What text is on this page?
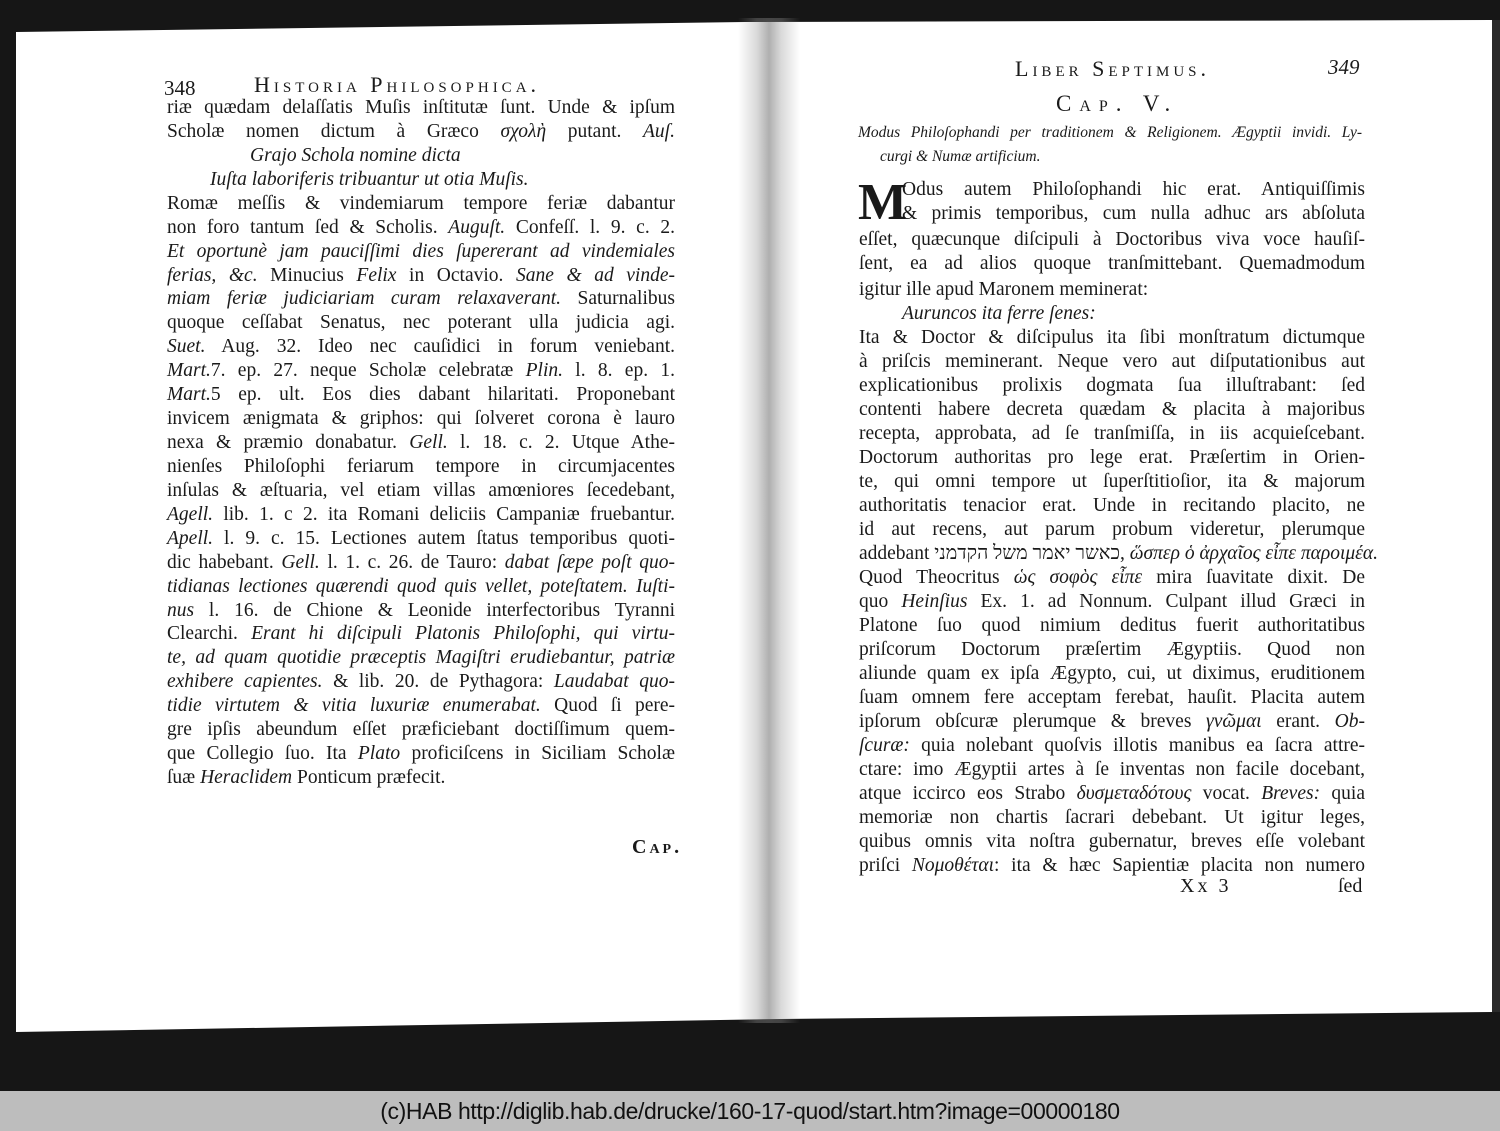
348	Historia Philosophica.
riæ quædam delaſſatis Muſis inſtitutæ ſunt. Unde & ipſum
Scholæ nomen dictum à Græco σχολὴ putant. Auſ.
Grajo Schola nomine dicta
Iuſta laboriferis tribuantur ut otia Muſis.
Romæ meſſis & vindemiarum tempore feriæ dabantur
non foro tantum ſed & Scholis. Auguſt. Confeſſ. l. 9. c. 2.
Et oportunè jam pauciſſimi dies ſupererant ad vindemiales
ferias, &c. Minucius Felix in Octavio. Sane & ad vinde-
miam feriæ judiciariam curam relaxaverant. Saturnalibus
quoque ceſſabat Senatus, nec poterant ulla judicia agi.
Suet. Aug. 32. Ideo nec cauſidici in forum veniebant.
Mart.7. ep. 27. neque Scholæ celebratæ Plin. l. 8. ep. 1.
Mart.5 ep. ult. Eos dies dabant hilaritati. Proponebant
invicem ænigmata & griphos: qui ſolveret corona è lauro
nexa & præmio donabatur. Gell. l. 18. c. 2. Utque Athe-
nienſes Philoſophi feriarum tempore in circumjacentes
inſulas & æſtuaria, vel etiam villas amœniores ſecedebant,
Agell. lib. 1. c 2. ita Romani deliciis Campaniæ fruebantur.
Apell. l. 9. c. 15. Lectiones autem ſtatus temporibus quoti-
dic habebant. Gell. l. 1. c. 26. de Tauro: dabat ſæpe poſt quo-
tidianas lectiones quærendi quod quis vellet, poteſtatem. Iuſti-
nus l. 16. de Chione & Leonide interfectoribus Tyranni
Clearchi. Erant hi diſcipuli Platonis Philoſophi, qui virtu-
te, ad quam quotidie præceptis Magiſtri erudiebantur, patriæ
exhibere capientes. & lib. 20. de Pythagora: Laudabat quo-
tidie virtutem & vitia luxuriæ enumerabat. Quod ſi pere-
gre ipſis abeundum eſſet præficiebant doctiſſimum quem-
que Collegio ſuo. Ita Plato proficiſcens in Siciliam Scholæ
ſuæ Heraclidem Ponticum præfecit.
Cap.
Liber Septimus.	349
Cap. V.
Modus Philoſophandi per traditionem & Religionem. Ægyptii invidi. Ly-
curgi & Numæ artificium.
M
Odus autem Philoſophandi hic erat. Antiquiſſimis
& primis temporibus, cum nulla adhuc ars abſoluta
eſſet, quæcunque diſcipuli à Doctoribus viva voce hauſiſ-
ſent, ea ad alios quoque tranſmittebant. Quemadmodum
igitur ille apud Maronem meminerat:
Auruncos ita ferre ſenes:
Ita & Doctor & diſcipulus ita ſibi monſtratum dictumque
à priſcis meminerant. Neque vero aut diſputationibus aut
explicationibus prolixis dogmata ſua illuſtrabant: ſed
contenti habere decreta quædam & placita à majoribus
recepta, approbata, ad ſe tranſmiſſa, in iis acquieſcebant.
Doctorum authoritas pro lege erat. Præſertim in Orien-
te, qui omni tempore ut ſuperſtitioſior, ita & majorum
authoritatis tenacior erat. Unde in recitando placito, ne
id aut recens, aut parum probum videretur, plerumque
addebant כאשר יאמר משל הקדמני, ὥσπερ ὁ ἀρχαῖος εἶπε παροιμέα.
Quod Theocritus ὡς σοφὸς εἶπε mira ſuavitate dixit. De
quo Heinſius Ex. 1. ad Nonnum. Culpant illud Græci in
Platone ſuo quod nimium deditus fuerit authoritatibus
priſcorum Doctorum præſertim Ægyptiis. Quod non
aliunde quam ex ipſa Ægypto, cui, ut diximus, eruditionem
ſuam omnem fere acceptam ferebat, hauſit. Placita autem
ipſorum obſcuræ plerumque & breves γνῶμαι erant. Ob-
ſcuræ: quia nolebant quoſvis illotis manibus ea ſacra attre-
ctare: imo Ægyptii artes à ſe inventas non facile docebant,
atque iccirco eos Strabo δυσμεταδότους vocat. Breves: quia
memoriæ non chartis ſacrari debebant. Ut igitur leges,
quibus omnis vita noſtra gubernatur, breves eſſe volebant
priſci Νομοθέται: ita & hæc Sapientiæ placita non numero
Xx 3	ſed
(c)HAB http://diglib.hab.de/drucke/160-17-quod/start.htm?image=00000180
